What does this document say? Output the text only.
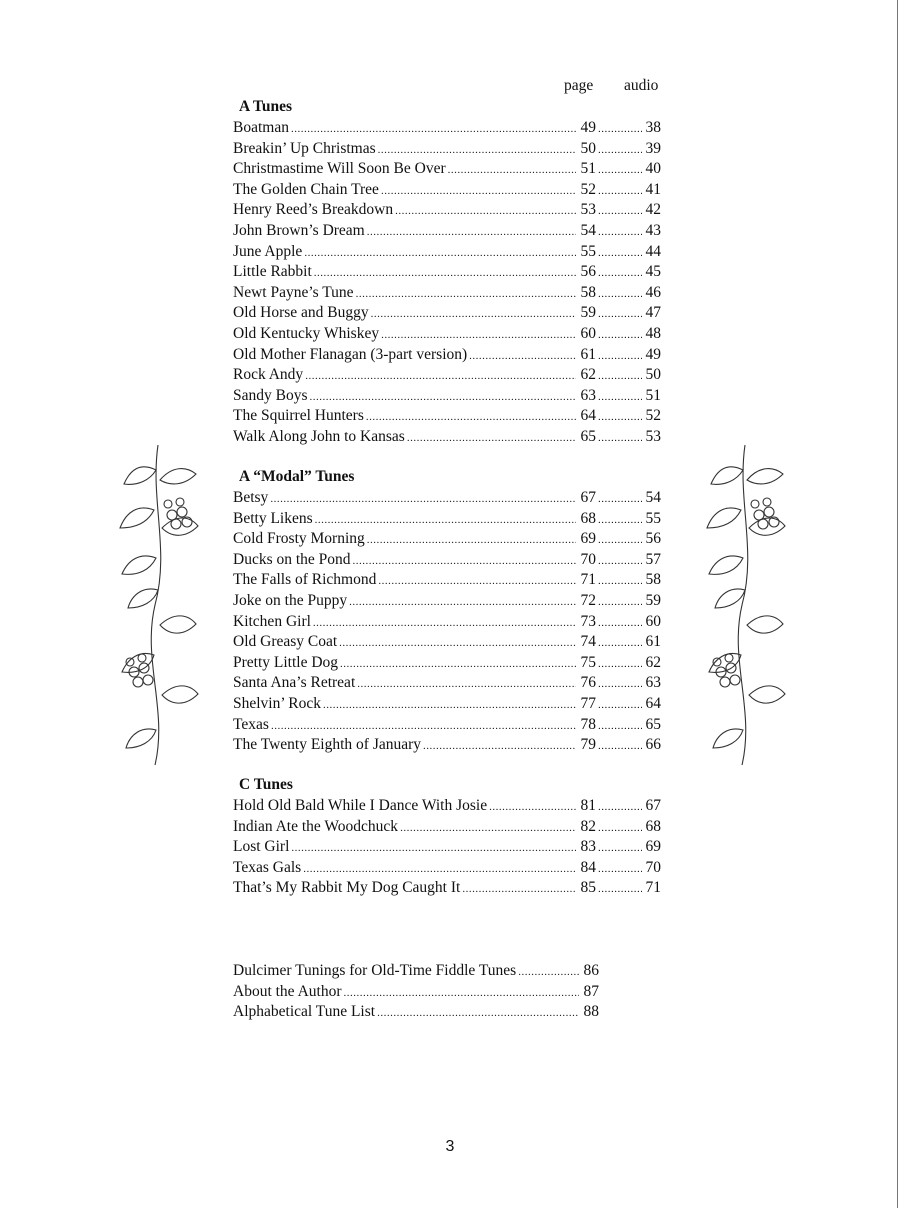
page audio
A Tunes
Boatman .....	49 .....	38
Breakin’ Up Christmas .....	50 .....	39
Christmastime Will Soon Be Over .....	51 .....	40
The Golden Chain Tree .....	52 .....	41
Henry Reed’s Breakdown .....	53 .....	42
John Brown’s Dream .....	54 .....	43
June Apple .....	55 .....	44
Little Rabbit .....	56 .....	45
Newt Payne’s Tune .....	58 .....	46
Old Horse and Buggy .....	59 .....	47
Old Kentucky Whiskey .....	60 .....	48
Old Mother Flanagan (3-part version) .....	61 .....	49
Rock Andy .....	62 .....	50
Sandy Boys .....	63 .....	51
The Squirrel Hunters .....	64 .....	52
Walk Along John to Kansas .....	65 .....	53
A “Modal” Tunes
Betsy .....	67 .....	54
Betty Likens .....	68 .....	55
Cold Frosty Morning .....	69 .....	56
Ducks on the Pond .....	70 .....	57
The Falls of Richmond .....	71 .....	58
Joke on the Puppy .....	72 .....	59
Kitchen Girl .....	73 .....	60
Old Greasy Coat .....	74 .....	61
Pretty Little Dog .....	75 .....	62
Santa Ana’s Retreat .....	76 .....	63
Shelvin’ Rock .....	77 .....	64
Texas .....	78 .....	65
The Twenty Eighth of January .....	79 .....	66
C Tunes
Hold Old Bald While I Dance With Josie .....	81 .....	67
Indian Ate the Woodchuck .....	82 .....	68
Lost Girl .....	83 .....	69
Texas Gals .....	84 .....	70
That’s My Rabbit My Dog Caught It .....	85 .....	71
Dulcimer Tunings for Old-Time Fiddle Tunes .....	86
About the Author .....	87
Alphabetical Tune List .....	88
3
